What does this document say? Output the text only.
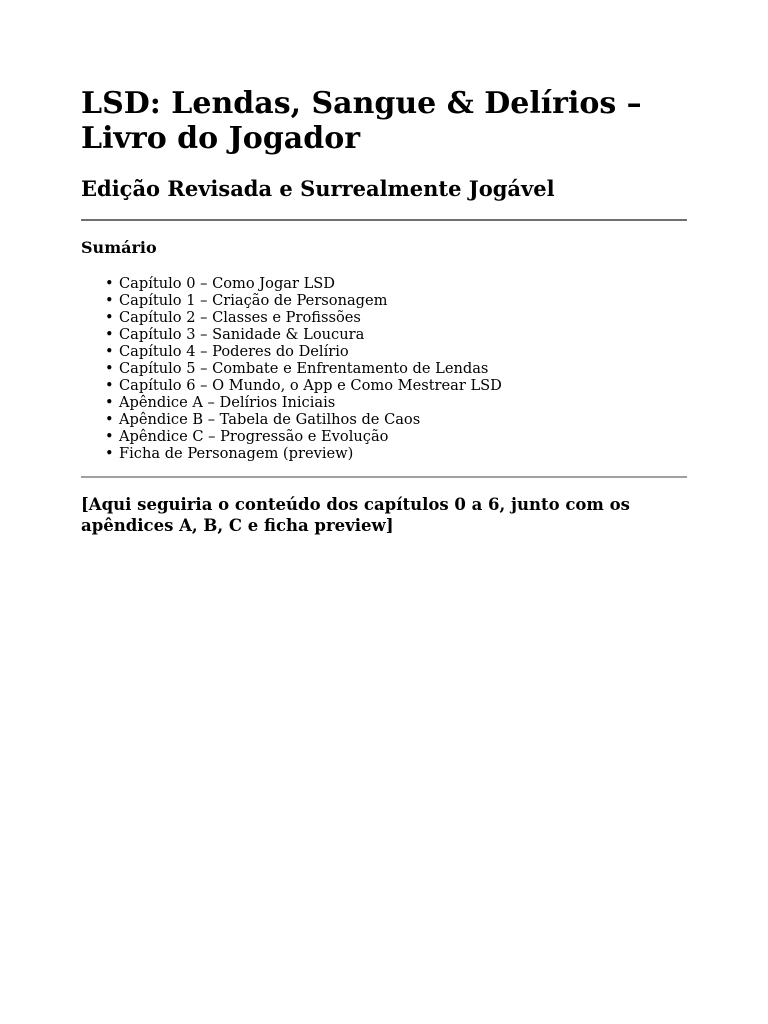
LSD: Lendas, Sangue & Delírios –
Livro do Jogador
Edição Revisada e Surrealmente Jogável
Sumário
• Capítulo 0 – Como Jogar LSD
• Capítulo 1 – Criação de Personagem
• Capítulo 2 – Classes e Profissões
• Capítulo 3 – Sanidade & Loucura
• Capítulo 4 – Poderes do Delírio
• Capítulo 5 – Combate e Enfrentamento de Lendas
• Capítulo 6 – O Mundo, o App e Como Mestrear LSD
• Apêndice A – Delírios Iniciais
• Apêndice B – Tabela de Gatilhos de Caos
• Apêndice C – Progressão e Evolução
• Ficha de Personagem (preview)

[Aqui seguiria o conteúdo dos capítulos 0 a 6, junto com os
apêndices A, B, C e ficha preview]
